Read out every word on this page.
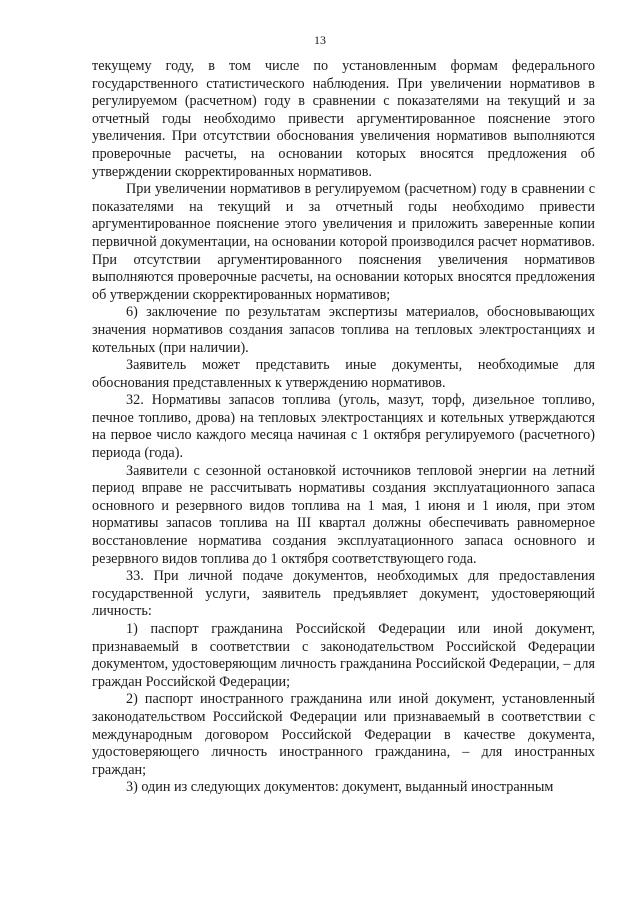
13

текущему году, в том числе по установленным формам федерального государственного статистического наблюдения. При увеличении нормативов в регулируемом (расчетном) году в сравнении с показателями на текущий и за отчетный годы необходимо привести аргументированное пояснение этого увеличения. При отсутствии обоснования увеличения нормативов выполняются проверочные расчеты, на основании которых вносятся предложения об утверждении скорректированных нормативов.

При увеличении нормативов в регулируемом (расчетном) году в сравнении с показателями на текущий и за отчетный годы необходимо привести аргументированное пояснение этого увеличения и приложить заверенные копии первичной документации, на основании которой производился расчет нормативов. При отсутствии аргументированного пояснения увеличения нормативов выполняются проверочные расчеты, на основании которых вносятся предложения об утверждении скорректированных нормативов;

6) заключение по результатам экспертизы материалов, обосновывающих значения нормативов создания запасов топлива на тепловых электростанциях и котельных (при наличии).

Заявитель может представить иные документы, необходимые для обоснования представленных к утверждению нормативов.

32. Нормативы запасов топлива (уголь, мазут, торф, дизельное топливо, печное топливо, дрова) на тепловых электростанциях и котельных утверждаются на первое число каждого месяца начиная с 1 октября регулируемого (расчетного) периода (года).

Заявители с сезонной остановкой источников тепловой энергии на летний период вправе не рассчитывать нормативы создания эксплуатационного запаса основного и резервного видов топлива на 1 мая, 1 июня и 1 июля, при этом нормативы запасов топлива на III квартал должны обеспечивать равномерное восстановление норматива создания эксплуатационного запаса основного и резервного видов топлива до 1 октября соответствующего года.

33. При личной подаче документов, необходимых для предоставления государственной услуги, заявитель предъявляет документ, удостоверяющий личность:

1) паспорт гражданина Российской Федерации или иной документ, признаваемый в соответствии с законодательством Российской Федерации документом, удостоверяющим личность гражданина Российской Федерации, – для граждан Российской Федерации;

2) паспорт иностранного гражданина или иной документ, установленный законодательством Российской Федерации или признаваемый в соответствии с международным договором Российской Федерации в качестве документа, удостоверяющего личность иностранного гражданина, – для иностранных граждан;

3) один из следующих документов: документ, выданный иностранным
